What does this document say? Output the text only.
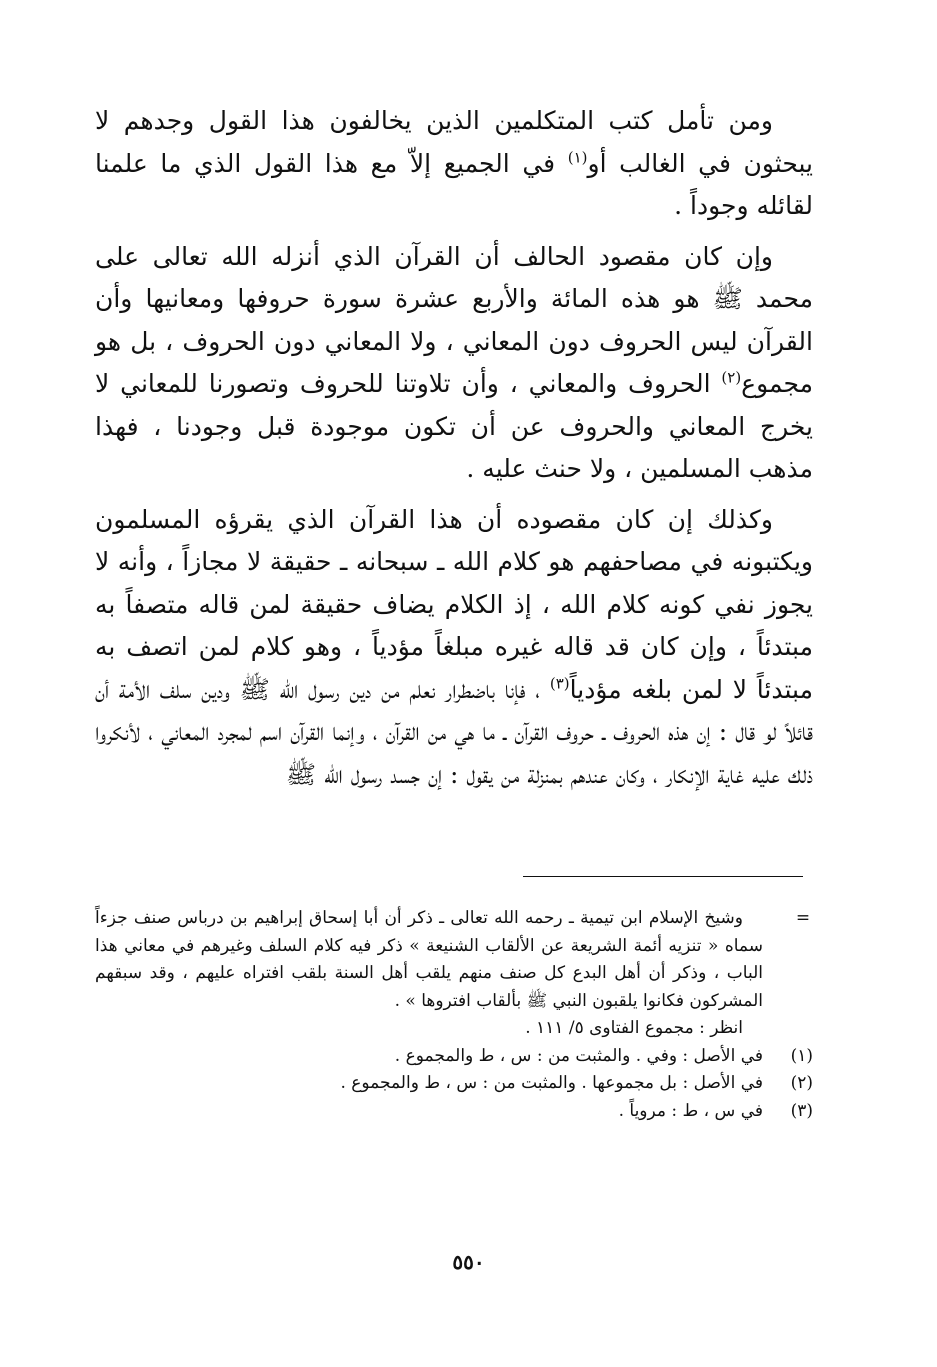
ومن تأمل كتب المتكلمين الذين يخالفون هذا القول وجدهم لا يبحثون في الغالب أو$^{(١)}$ في الجميع إلاّ مع هذا القول الذي ما علمنا لقائله وجوداً .

وإن كان مقصود الحالف أن القرآن الذي أنزله الله تعالى على محمد ﷺ هو هذه المائة والأربع عشرة سورة حروفها ومعانيها وأن القرآن ليس الحروف دون المعاني ، ولا المعاني دون الحروف ، بل هو مجموع$^{(٢)}$ الحروف والمعاني ، وأن تلاوتنا للحروف وتصورنا للمعاني لا يخرج المعاني والحروف عن أن تكون موجودة قبل وجودنا ، فهذا مذهب المسلمين ، ولا حنث عليه .

وكذلك إن كان مقصوده أن هذا القرآن الذي يقرؤه المسلمون ويكتبونه في مصاحفهم هو كلام الله ـ سبحانه ـ حقيقة لا مجازاً ، وأنه لا يجوز نفي كونه كلام الله ، إذ الكلام يضاف حقيقة لمن قاله متصفاً به مبتدئاً ، وإن كان قد قاله غيره مبلغاً مؤدياً ، وهو كلام لمن اتصف به مبتدئاً لا لمن بلغه مؤدياً$^{(٣)}$ ، فإنا باضطرار نعلم من دين رسول الله ﷺ ودين سلف الأمة أن قائلاً لو قال : إن هذه الحروف ـ حروف القرآن ـ ما هي من القرآن ، وإنما القرآن اسم لمجرد المعاني ، لأنكروا ذلك عليه غاية الإنكار ، وكان عندهم بمنزلة من يقول : إن جسد رسول الله ﷺ

=

وشيخ الإسلام ابن تيمية ـ رحمه الله تعالى ـ ذكر أن أبا إسحاق إبراهيم بن درباس صنف جزءاً سماه « تنزيه أئمة الشريعة عن الألقاب الشنيعة » ذكر فيه كلام السلف وغيرهم في معاني هذا الباب ، وذكر أن أهل البدع كل صنف منهم يلقب أهل السنة بلقب افتراه عليهم ، وقد سبقهم المشركون فكانوا يلقبون النبي ﷺ بألقاب افتروها » .

انظر : مجموع الفتاوى ٥/ ١١١ .

(١)
في الأصل : وفي . والمثبت من : س ، ط والمجموع .

(٢)
في الأصل : بل مجموعها . والمثبت من : س ، ط والمجموع .

(٣)
في س ، ط : مروياً .

٥٥٠
